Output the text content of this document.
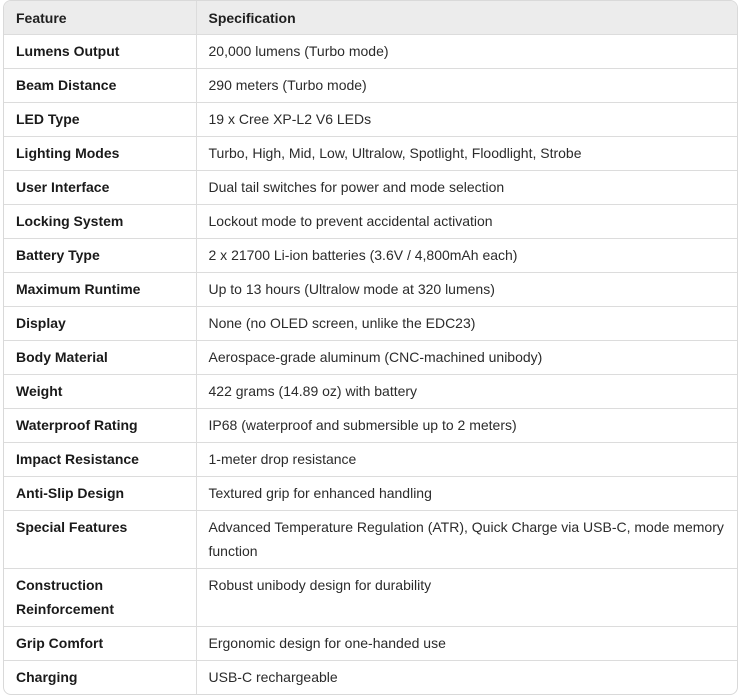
Feature	Specification
Lumens Output	20,000 lumens (Turbo mode)
Beam Distance	290 meters (Turbo mode)
LED Type	19 x Cree XP-L2 V6 LEDs
Lighting Modes	Turbo, High, Mid, Low, Ultralow, Spotlight, Floodlight, Strobe
User Interface	Dual tail switches for power and mode selection
Locking System	Lockout mode to prevent accidental activation
Battery Type	2 x 21700 Li-ion batteries (3.6V / 4,800mAh each)
Maximum Runtime	Up to 13 hours (Ultralow mode at 320 lumens)
Display	None (no OLED screen, unlike the EDC23)
Body Material	Aerospace-grade aluminum (CNC-machined unibody)
Weight	422 grams (14.89 oz) with battery
Waterproof Rating	IP68 (waterproof and submersible up to 2 meters)
Impact Resistance	1-meter drop resistance
Anti-Slip Design	Textured grip for enhanced handling
Special Features	Advanced Temperature Regulation (ATR), Quick Charge via USB-C, mode memory function
Construction Reinforcement	Robust unibody design for durability
Grip Comfort	Ergonomic design for one-handed use
Charging	USB-C rechargeable
